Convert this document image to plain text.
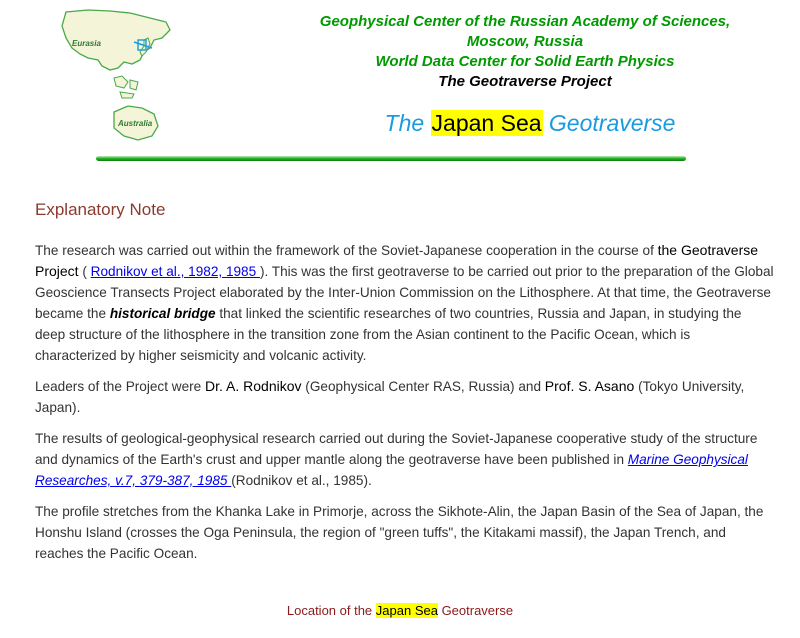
Eurasia
Australia
Geophysical Center of the Russian Academy of Sciences,
Moscow, Russia
World Data Center for Solid Earth Physics
The Geotraverse Project
The Japan Sea Geotraverse
Explanatory Note

The research was carried out within the framework of the Soviet-Japanese cooperation in the course of the Geotraverse Project ( Rodnikov et al., 1982, 1985 ). This was the first geotraverse to be carried out prior to the preparation of the Global Geoscience Transects Project elaborated by the Inter-Union Commission on the Lithosphere. At that time, the Geotraverse became the historical bridge that linked the scientific researches of two countries, Russia and Japan, in studying the deep structure of the lithosphere in the transition zone from the Asian continent to the Pacific Ocean, which is characterized by higher seismicity and volcanic activity.

Leaders of the Project were Dr. A. Rodnikov (Geophysical Center RAS, Russia) and Prof. S. Asano (Tokyo University, Japan).

The results of geological-geophysical research carried out during the Soviet-Japanese cooperative study of the structure and dynamics of the Earth's crust and upper mantle along the geotraverse have been published in Marine Geophysical Researches, v.7, 379-387, 1985 (Rodnikov et al., 1985).

The profile stretches from the Khanka Lake in Primorje, across the Sikhote-Alin, the Japan Basin of the Sea of Japan, the Honshu Island (crosses the Oga Peninsula, the region of "green tuffs", the Kitakami massif), the Japan Trench, and reaches the Pacific Ocean.

Location of the Japan Sea Geotraverse
